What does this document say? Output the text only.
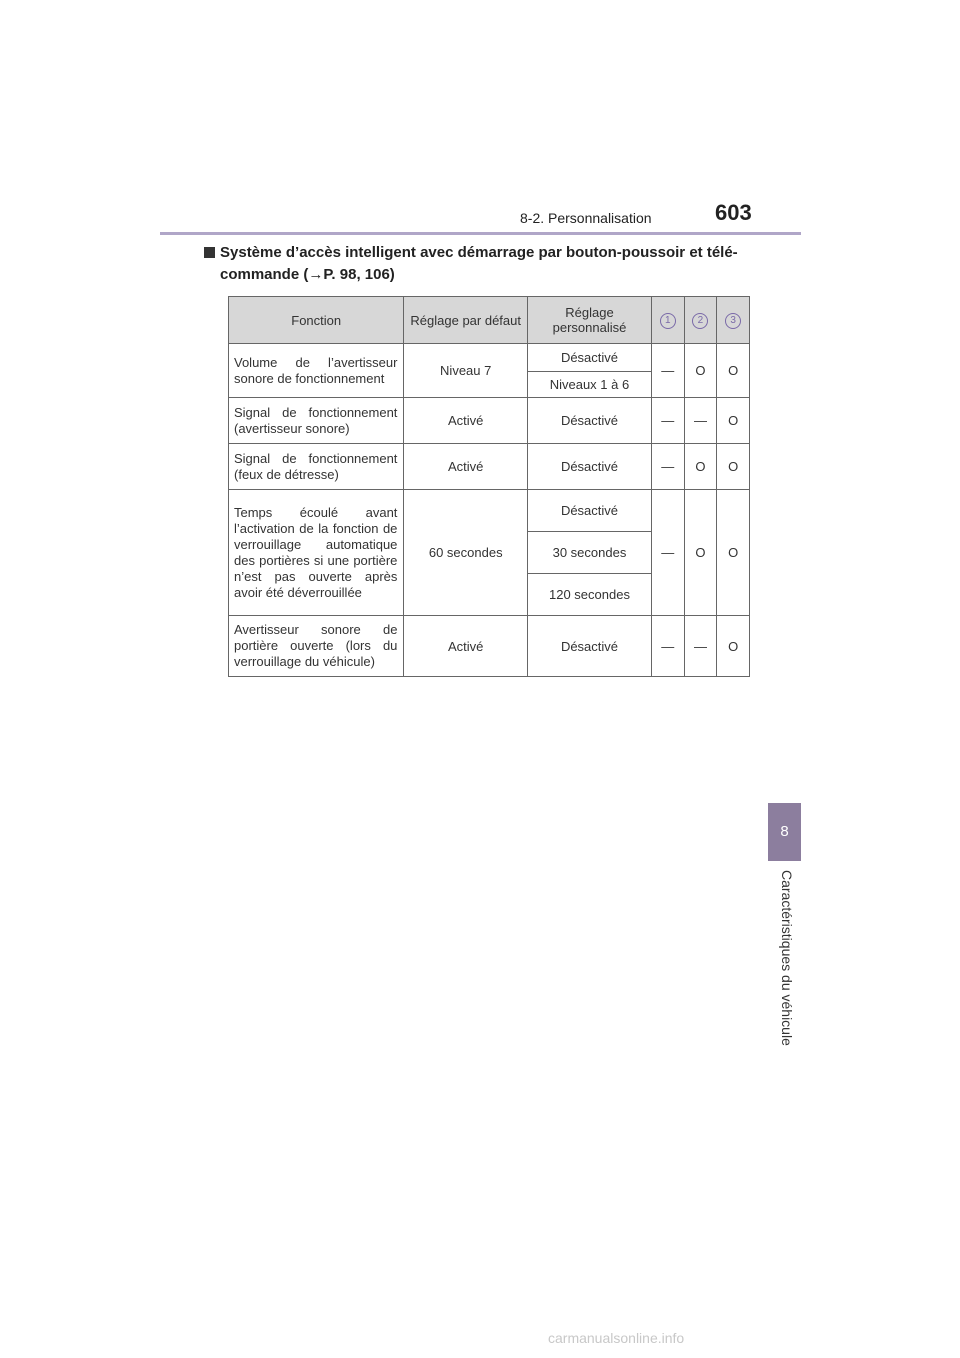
8-2. Personnalisation	603
Système d’accès intelligent avec démarrage par bouton-poussoir et télé-
commande (→P. 98, 106)
Fonction	Réglage par défaut	Réglage personnalisé	1	2	3

Volume de l’avertisseur sonore de fonctionnement	Niveau 7	Désactivé	—	O	O
		Niveaux 1 à 6			

Signal de fonctionnement (avertisseur sonore)	Activé	Désactivé	—	—	O

Signal de fonctionnement (feux de détresse)	Activé	Désactivé	—	O	O

Temps écoulé avant l’activation de la fonction de verrouillage automatique des portières si une portière n’est pas ouverte après avoir été déverrouillée	60 secondes	Désactivé	—	O	O
		30 secondes			
		120 secondes			

Avertisseur sonore de portière ouverte (lors du verrouillage du véhicule)	Activé	Désactivé	—	—	O
8
Caractéristiques du véhicule
carmanualsonline.info
